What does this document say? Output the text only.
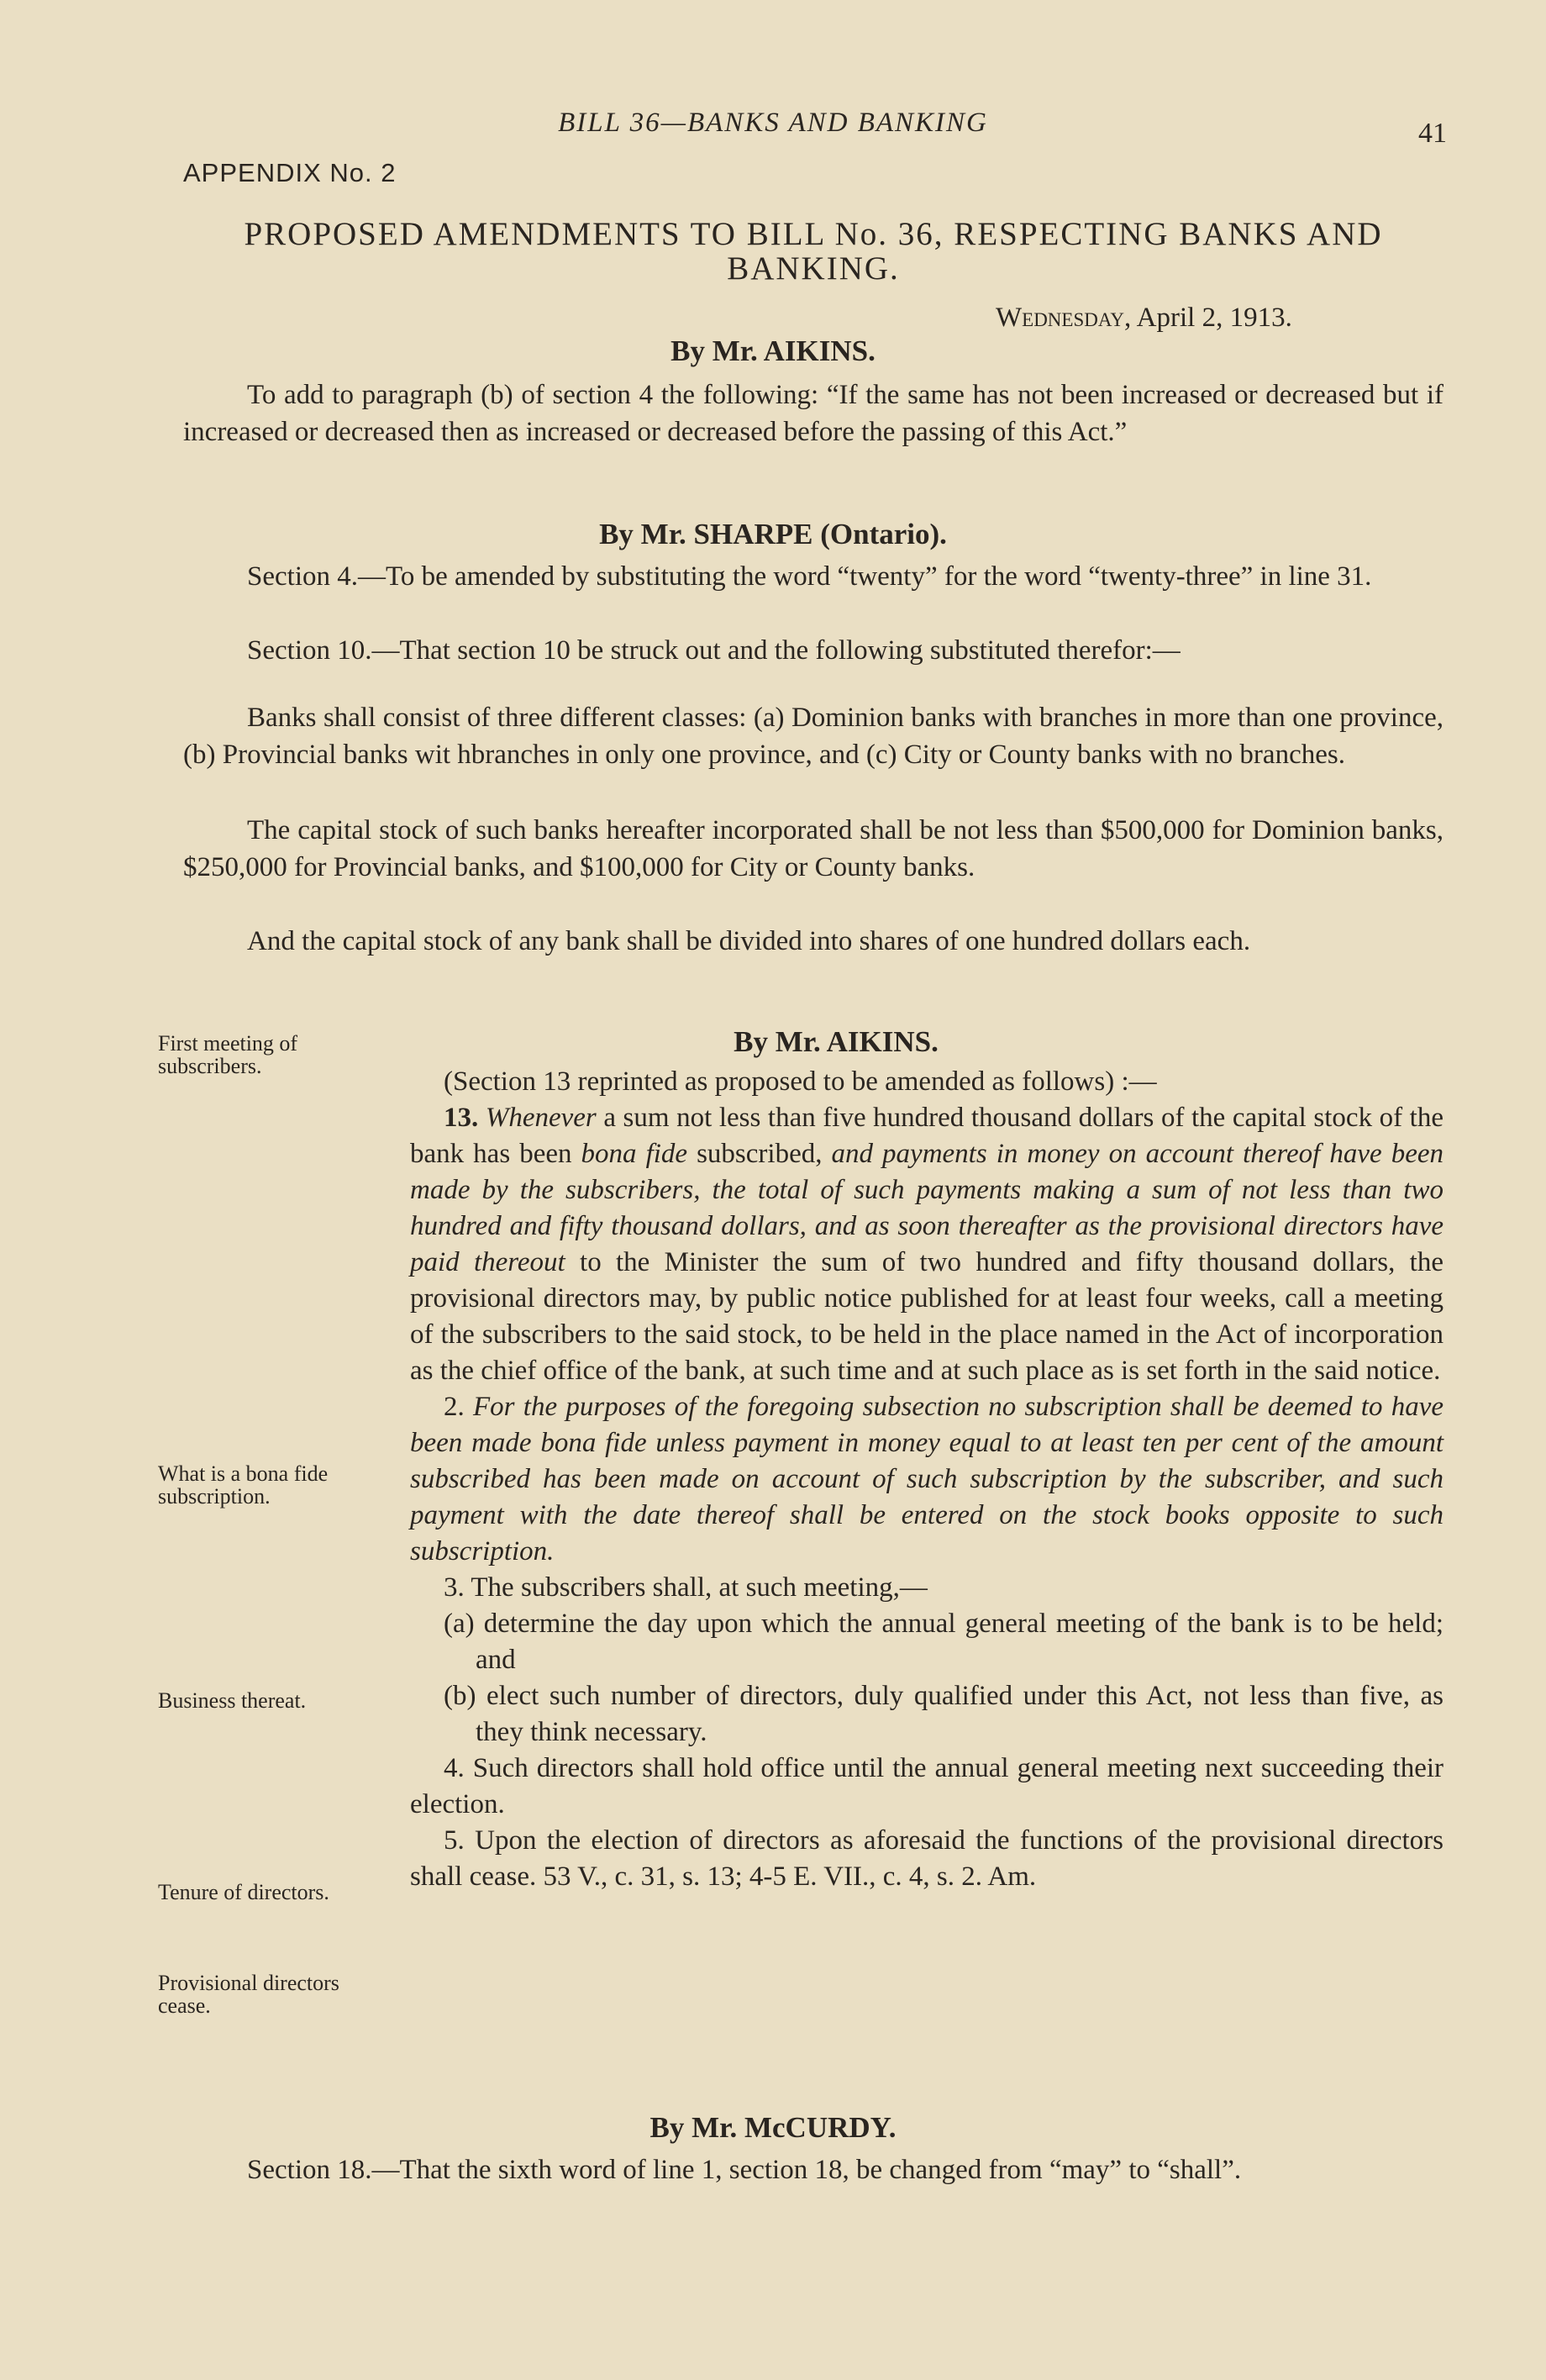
BILL 36—BANKS AND BANKING	41
APPENDIX No. 2
PROPOSED AMENDMENTS TO BILL No. 36, RESPECTING BANKS AND BANKING.
Wednesday, April 2, 1913.
By Mr. AIKINS.
To add to paragraph (b) of section 4 the following: “If the same has not been increased or decreased but if increased or decreased then as increased or decreased before the passing of this Act.”
By Mr. SHARPE (Ontario).
Section 4.—To be amended by substituting the word “twenty” for the word “twenty-three” in line 31.
Section 10.—That section 10 be struck out and the following substituted therefor:—
Banks shall consist of three different classes: (a) Dominion banks with branches in more than one province, (b) Provincial banks wit hbranches in only one province, and (c) City or County banks with no branches.
The capital stock of such banks hereafter incorporated shall be not less than $500,000 for Dominion banks, $250,000 for Provincial banks, and $100,000 for City or County banks.
And the capital stock of any bank shall be divided into shares of one hundred dollars each.
By Mr. AIKINS.
First meeting of subscribers.
What is a bona fide subscription.
Business thereat.
Tenure of directors.
Provisional directors cease.

(Section 13 reprinted as proposed to be amended as follows) :—

13. Whenever a sum not less than five hundred thousand dollars of the capital stock of the bank has been bona fide subscribed, and payments in money on account thereof have been made by the subscribers, the total of such payments making a sum of not less than two hundred and fifty thousand dollars, and as soon thereafter as the provisional directors have paid thereout to the Minister the sum of two hundred and fifty thousand dollars, the provisional directors may, by public notice published for at least four weeks, call a meeting of the subscribers to the said stock, to be held in the place named in the Act of incorporation as the chief office of the bank, at such time and at such place as is set forth in the said notice.

2. For the purposes of the foregoing subsection no subscription shall be deemed to have been made bona fide unless payment in money equal to at least ten per cent of the amount subscribed has been made on account of such subscription by the subscriber, and such payment with the date thereof shall be entered on the stock books opposite to such subscription.

3. The subscribers shall, at such meeting,—

(a) determine the day upon which the annual general meeting of the bank is to be held; and

(b) elect such number of directors, duly qualified under this Act, not less than five, as they think necessary.

4. Such directors shall hold office until the annual general meeting next succeeding their election.

5. Upon the election of directors as aforesaid the functions of the provisional directors shall cease. 53 V., c. 31, s. 13; 4-5 E. VII., c. 4, s. 2. Am.

By Mr. McCURDY.
Section 18.—That the sixth word of line 1, section 18, be changed from “may” to “shall”.
